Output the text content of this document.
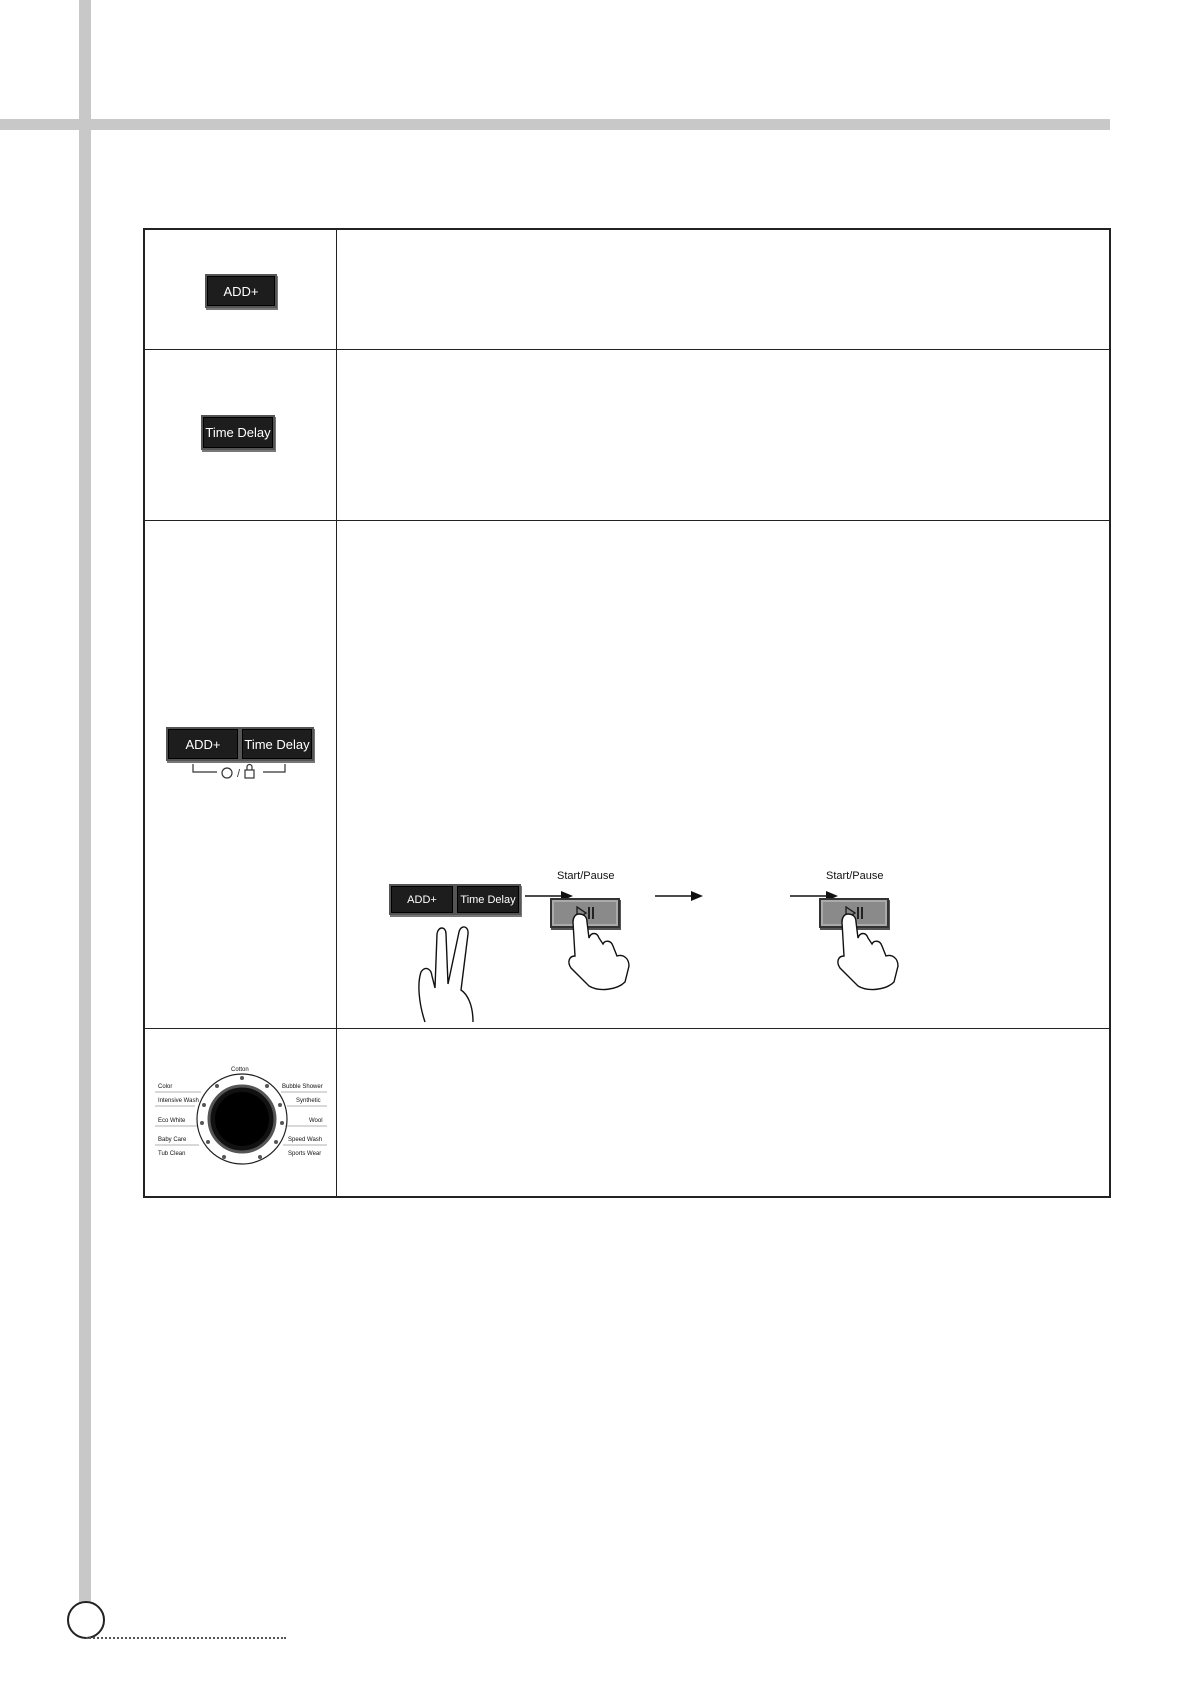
ADD+
Time Delay
ADD+ Time Delay
/
ADD+ Time Delay
Start/Pause	Start/Pause
Cotton
Color
Intensive Wash
Eco White
Baby Care
Tub Clean
Bubble Shower
Synthetic
Wool
Speed Wash
Sports Wear
